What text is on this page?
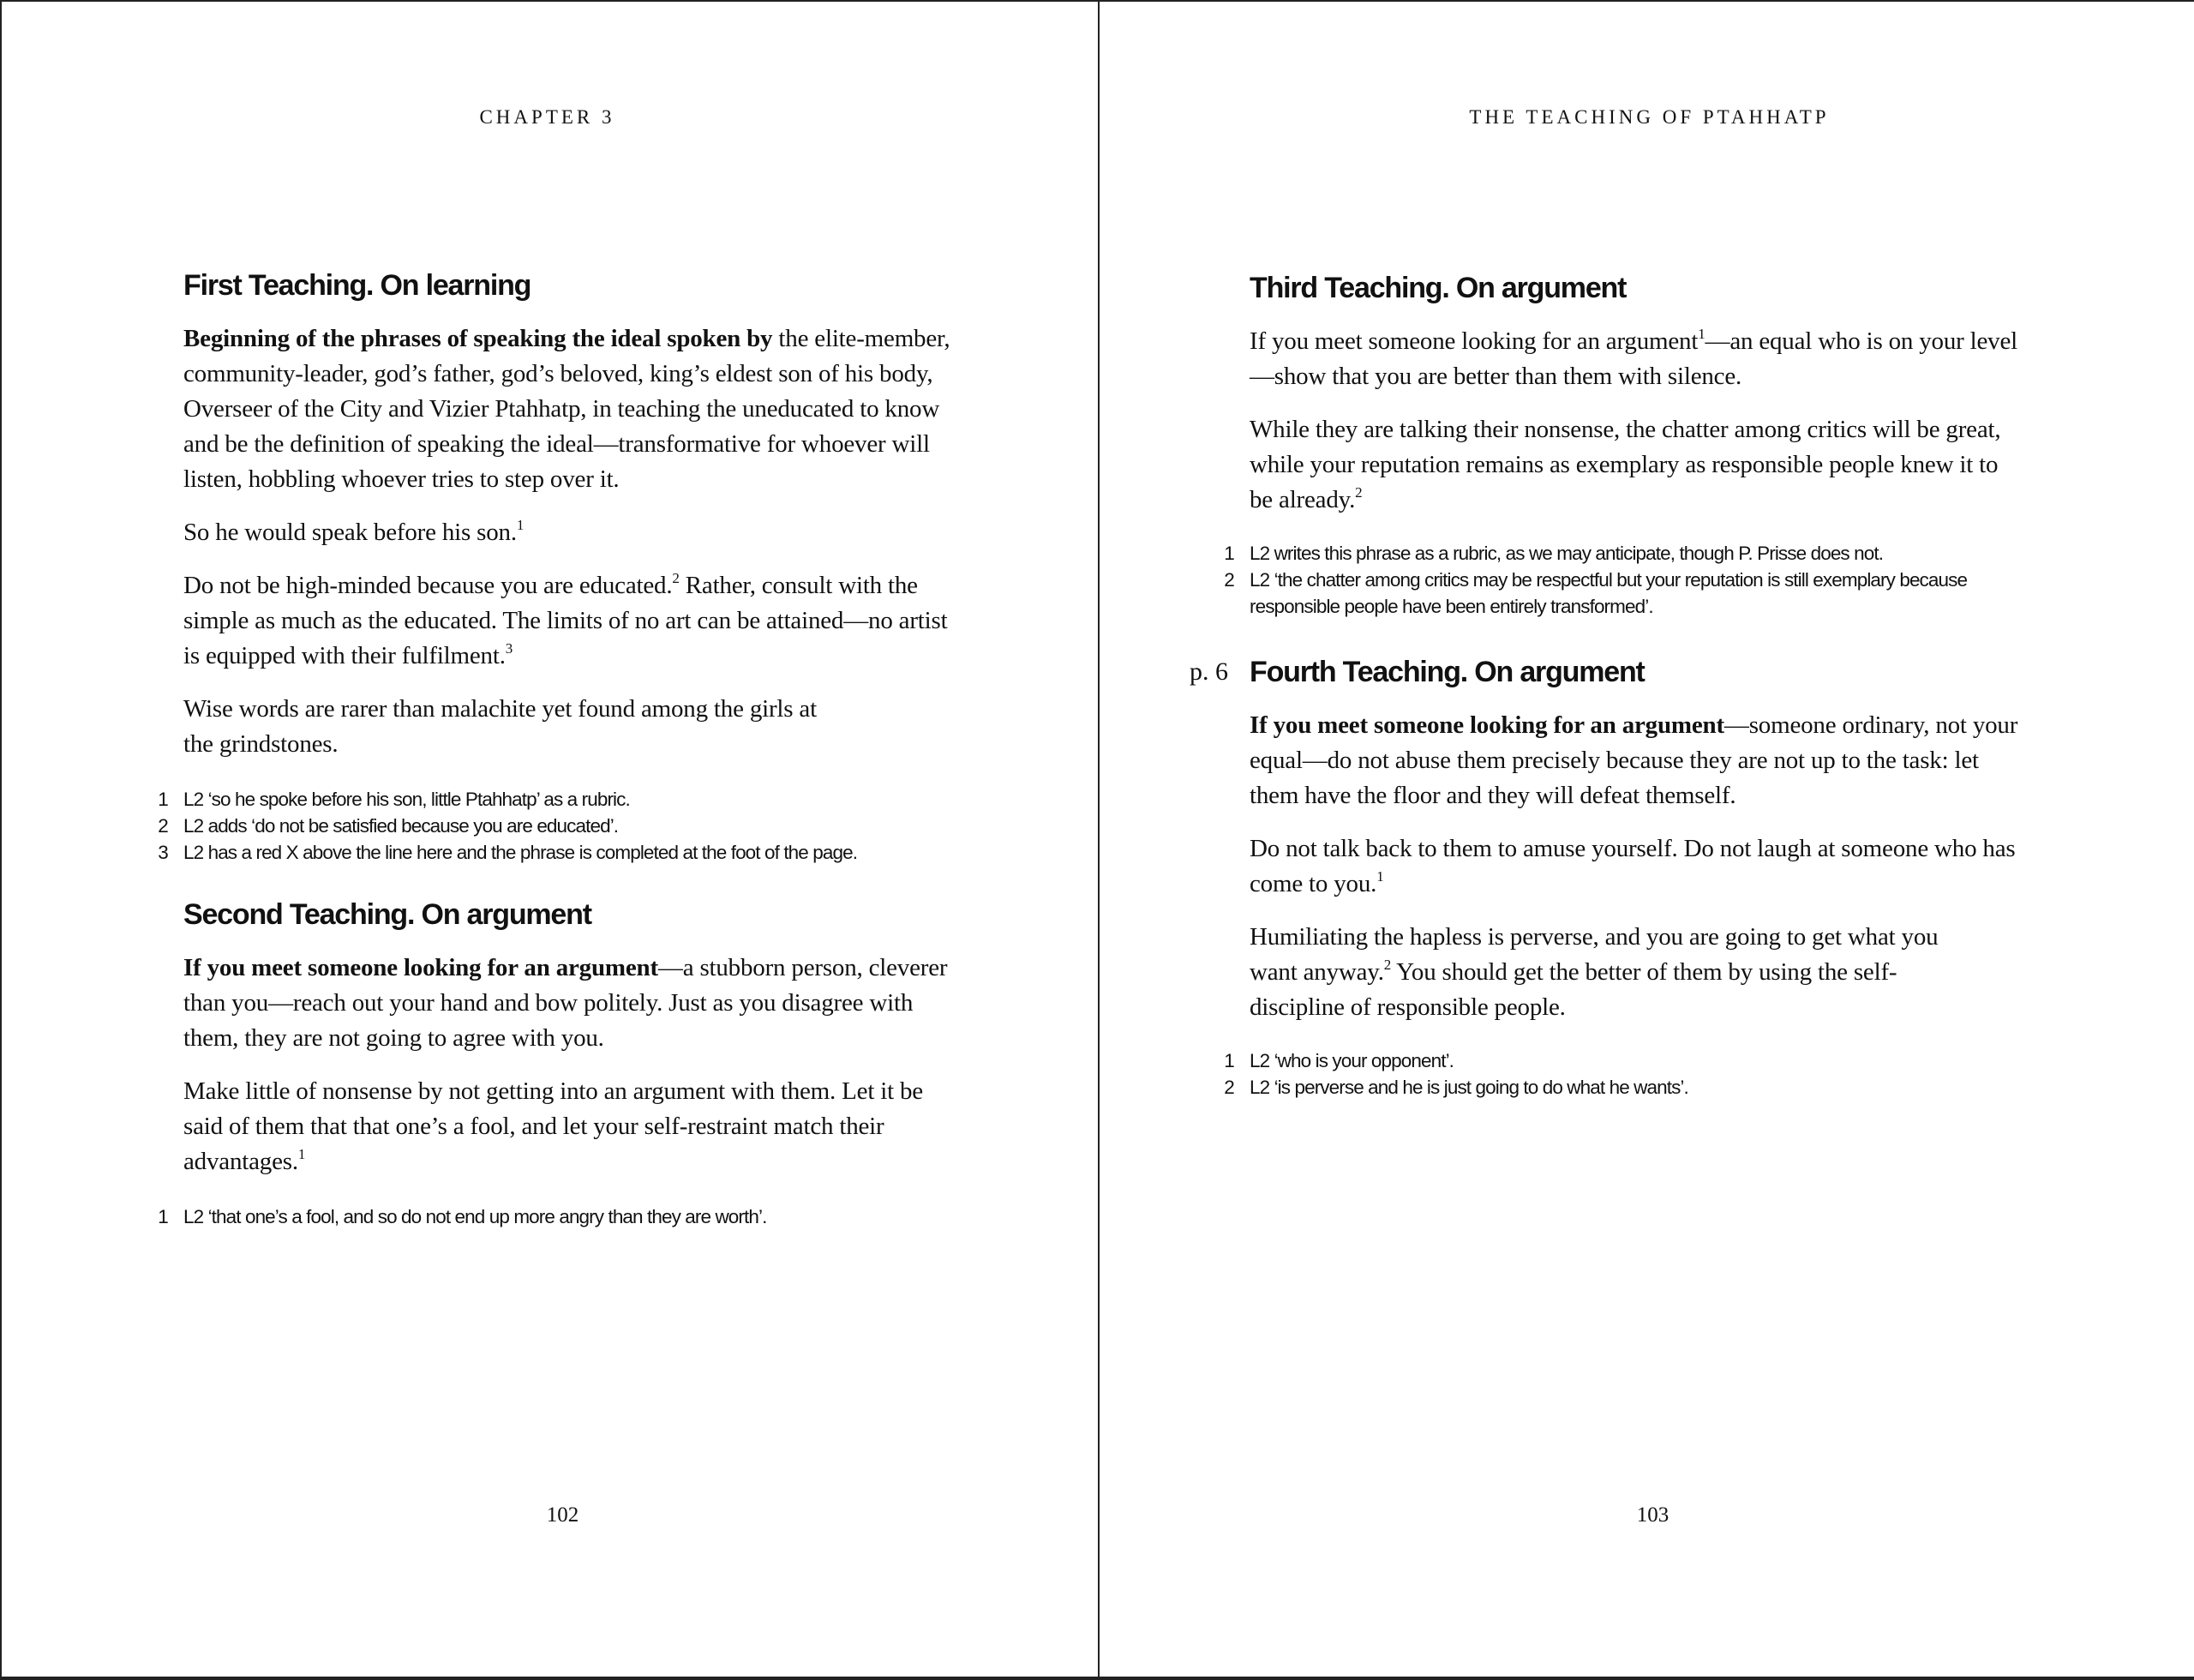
CHAPTER 3
First Teaching. On learning

Beginning of the phrases of speaking the ideal spoken by the elite-member, community-leader, god’s father, god’s beloved, king’s eldest son of his body, Overseer of the City and Vizier Ptahhatp, in teaching the uneducated to know and be the definition of speaking the ideal—transformative for whoever will listen, hobbling whoever tries to step over it.

So he would speak before his son.$^1$

Do not be high-minded because you are educated.$^2$ Rather, consult with the simple as much as the educated. The limits of no art can be attained—no artist is equipped with their fulfilment.$^3$

Wise words are rarer than malachite yet found among the girls at the grindstones.

1 L2 ‘so he spoke before his son, little Ptahhatp’ as a rubric.
2 L2 adds ‘do not be satisfied because you are educated’.
3 L2 has a red X above the line here and the phrase is completed at the foot of the page.
Second Teaching. On argument

If you meet someone looking for an argument—a stubborn person, cleverer than you—reach out your hand and bow politely. Just as you disagree with them, they are not going to agree with you.

Make little of nonsense by not getting into an argument with them. Let it be said of them that that one’s a fool, and let your self-restraint match their advantages.$^1$

1 L2 ‘that one’s a fool, and so do not end up more angry than they are worth’.
102
THE TEACHING OF PTAHHATP
Third Teaching. On argument

If you meet someone looking for an argument$^1$—an equal who is on your level—show that you are better than them with silence.

While they are talking their nonsense, the chatter among critics will be great, while your reputation remains as exemplary as responsible people knew it to be already.$^2$

1 L2 writes this phrase as a rubric, as we may anticipate, though P. Prisse does not.
2 L2 ‘the chatter among critics may be respectful but your reputation is still exemplary because responsible people have been entirely transformed’.
p. 6 Fourth Teaching. On argument

If you meet someone looking for an argument—someone ordinary, not your equal—do not abuse them precisely because they are not up to the task: let them have the floor and they will defeat themself.

Do not talk back to them to amuse yourself. Do not laugh at someone who has come to you.$^1$

Humiliating the hapless is perverse, and you are going to get what you want anyway.$^2$ You should get the better of them by using the self-discipline of responsible people.

1 L2 ‘who is your opponent’.
2 L2 ‘is perverse and he is just going to do what he wants’.
103
